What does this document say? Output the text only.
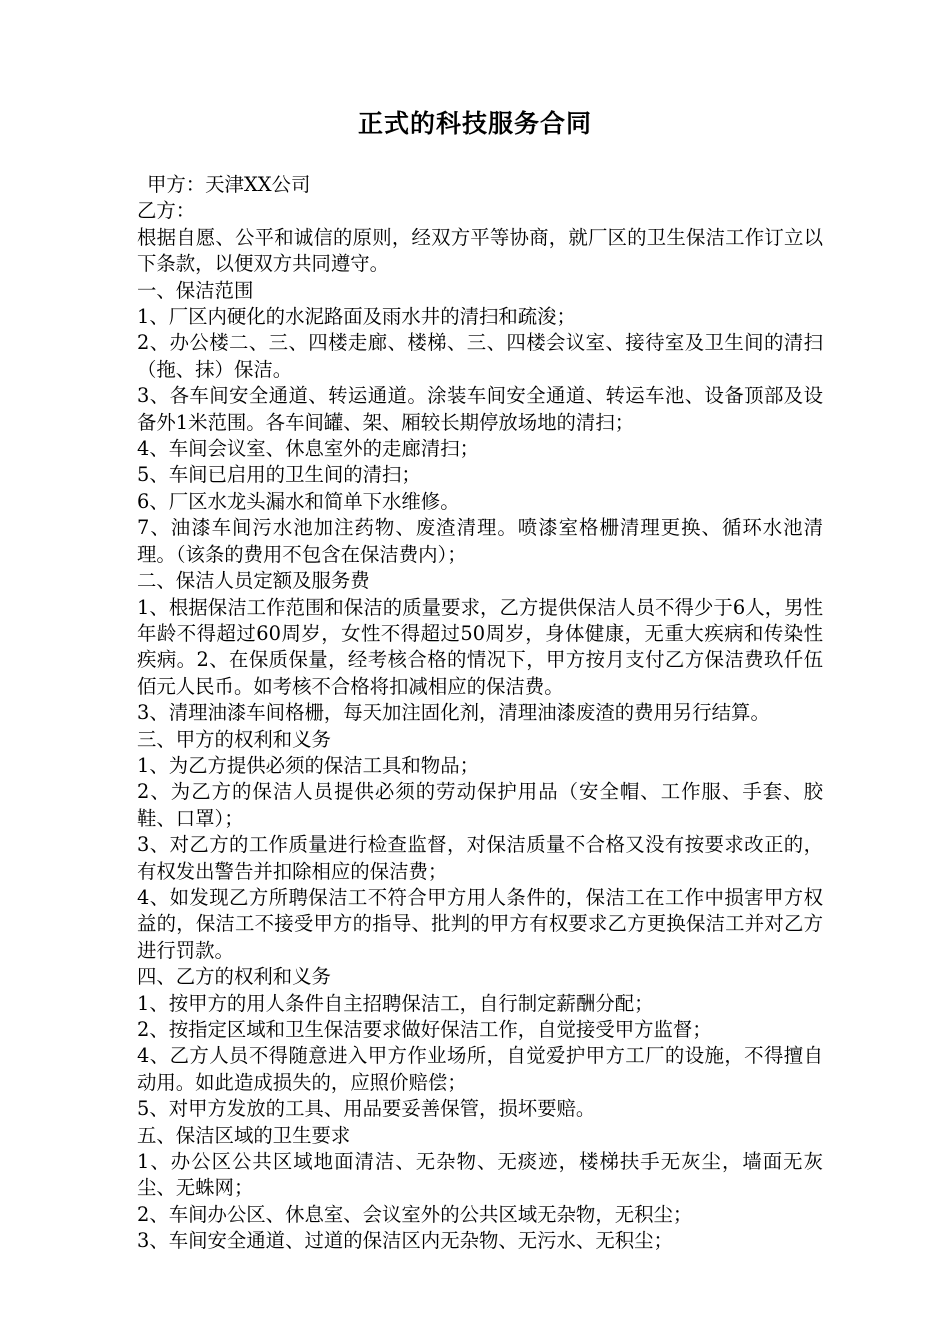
正式的科技服务合同

甲方：天津XX公司

乙方：

根据自愿、公平和诚信的原则，经双方平等协商，就厂区的卫生保洁工作订立以下条款，以便双方共同遵守。

一、保洁范围

1、厂区内硬化的水泥路面及雨水井的清扫和疏浚；

2、办公楼二、三、四楼走廊、楼梯、三、四楼会议室、接待室及卫生间的清扫（拖、抹）保洁。

3、各车间安全通道、转运通道。涂装车间安全通道、转运车池、设备顶部及设备外1米范围。各车间罐、架、厢较长期停放场地的清扫；

4、车间会议室、休息室外的走廊清扫；

5、车间已启用的卫生间的清扫；

6、厂区水龙头漏水和简单下水维修。

7、油漆车间污水池加注药物、废渣清理。喷漆室格栅清理更换、循环水池清理。（该条的费用不包含在保洁费内）；

二、保洁人员定额及服务费

1、根据保洁工作范围和保洁的质量要求，乙方提供保洁人员不得少于6人，男性年龄不得超过60周岁，女性不得超过50周岁，身体健康，无重大疾病和传染性疾病。2、在保质保量，经考核合格的情况下，甲方按月支付乙方保洁费玖仟伍佰元人民币。如考核不合格将扣减相应的保洁费。

3、清理油漆车间格栅，每天加注固化剂，清理油漆废渣的费用另行结算。

三、甲方的权利和义务

1、为乙方提供必须的保洁工具和物品；

2、为乙方的保洁人员提供必须的劳动保护用品（安全帽、工作服、手套、胶鞋、口罩）；

3、对乙方的工作质量进行检查监督，对保洁质量不合格又没有按要求改正的，有权发出警告并扣除相应的保洁费；

4、如发现乙方所聘保洁工不符合甲方用人条件的，保洁工在工作中损害甲方权益的，保洁工不接受甲方的指导、批判的甲方有权要求乙方更换保洁工并对乙方进行罚款。

四、乙方的权利和义务

1、按甲方的用人条件自主招聘保洁工，自行制定薪酬分配；

2、按指定区域和卫生保洁要求做好保洁工作，自觉接受甲方监督；

4、乙方人员不得随意进入甲方作业场所，自觉爱护甲方工厂的设施，不得擅自动用。如此造成损失的，应照价赔偿；

5、对甲方发放的工具、用品要妥善保管，损坏要赔。

五、保洁区域的卫生要求

1、办公区公共区域地面清洁、无杂物、无痰迹，楼梯扶手无灰尘，墙面无灰尘、无蛛网；

2、车间办公区、休息室、会议室外的公共区域无杂物，无积尘；

3、车间安全通道、过道的保洁区内无杂物、无污水、无积尘；
